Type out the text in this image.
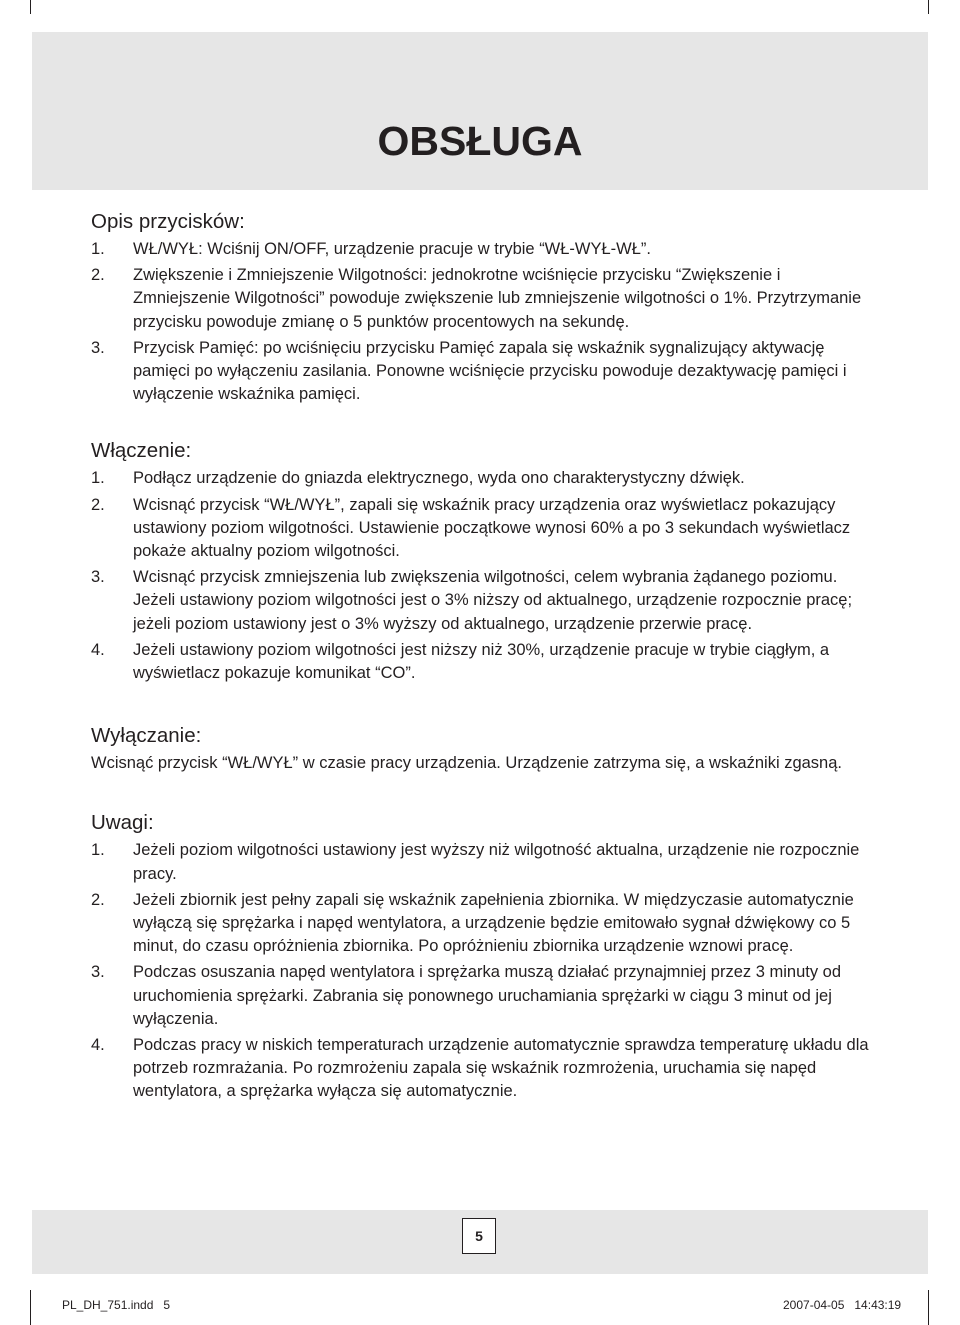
OBSŁUGA
Opis przycisków:
1. WŁ/WYŁ: Wciśnij ON/OFF, urządzenie pracuje w trybie “WŁ-WYŁ-WŁ”.
2. Zwiększenie i Zmniejszenie Wilgotności: jednokrotne wciśnięcie przycisku “Zwiększenie i Zmniejszenie Wilgotności” powoduje zwiększenie lub zmniejszenie wilgotności o 1%. Przytrzymanie przycisku powoduje zmianę o 5 punktów procentowych na sekundę.
3. Przycisk Pamięć: po wciśnięciu przycisku Pamięć zapala się wskaźnik sygnalizujący aktywację pamięci po wyłączeniu zasilania. Ponowne wciśnięcie przycisku powoduje dezaktywację pamięci i wyłączenie wskaźnika pamięci.
Włączenie:
1. Podłącz urządzenie do gniazda elektrycznego, wyda ono charakterystyczny dźwięk.
2. Wcisnąć przycisk “WŁ/WYŁ”, zapali się wskaźnik pracy urządzenia oraz wyświetlacz pokazujący ustawiony poziom wilgotności. Ustawienie początkowe wynosi 60% a po 3 sekundach wyświetlacz pokaże aktualny poziom wilgotności.
3. Wcisnąć przycisk zmniejszenia lub zwiększenia wilgotności, celem wybrania żądanego poziomu. Jeżeli ustawiony poziom wilgotności jest o 3% niższy od aktualnego, urządzenie rozpocznie pracę; jeżeli poziom ustawiony jest o 3% wyższy od aktualnego, urządzenie przerwie pracę.
4. Jeżeli ustawiony poziom wilgotności jest niższy niż 30%, urządzenie pracuje w trybie ciągłym, a wyświetlacz pokazuje komunikat “CO”.
Wyłączanie:

Wcisnąć przycisk “WŁ/WYŁ” w czasie pracy urządzenia. Urządzenie zatrzyma się, a wskaźniki zgasną.

Uwagi:
1. Jeżeli poziom wilgotności ustawiony jest wyższy niż wilgotność aktualna, urządzenie nie rozpocznie pracy.
2. Jeżeli zbiornik jest pełny zapali się wskaźnik zapełnienia zbiornika. W międzyczasie automatycznie wyłączą się sprężarka i napęd wentylatora, a urządzenie będzie emitowało sygnał dźwiękowy co 5 minut, do czasu opróżnienia zbiornika. Po opróżnieniu zbiornika urządzenie wznowi pracę.
3. Podczas osuszania napęd wentylatora i sprężarka muszą działać przynajmniej przez 3 minuty od uruchomienia sprężarki. Zabrania się ponownego uruchamiania sprężarki w ciągu 3 minut od jej wyłączenia.
4. Podczas pracy w niskich temperaturach urządzenie automatycznie sprawdza temperaturę układu dla potrzeb rozmrażania. Po rozmrożeniu zapala się wskaźnik rozmrożenia, uruchamia się napęd wentylatora, a sprężarka wyłącza się automatycznie.
5
PL_DH_751.indd   5	2007-04-05   14:43:19
